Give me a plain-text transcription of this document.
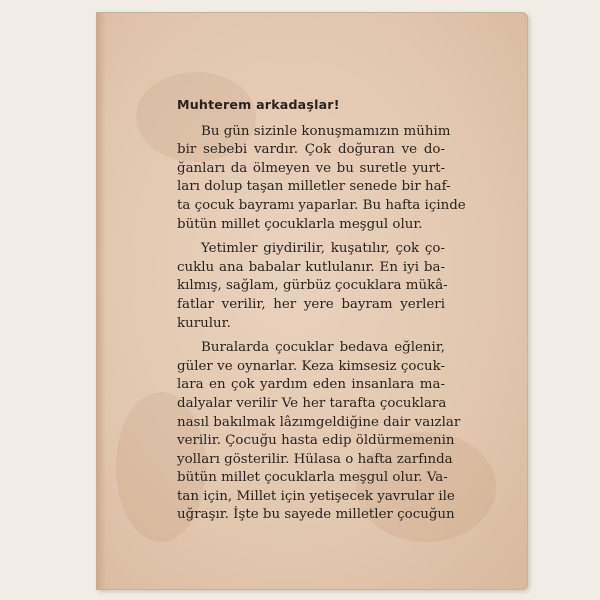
Muhterem arkadaşlar!
Bu gün sizinle konuşmamızın mühim
bir sebebi vardır. Çok doğuran ve do-
ğanları da ölmeyen ve bu suretle yurt-
ları dolup taşan milletler senede bir haf-
ta çocuk bayramı yaparlar. Bu hafta içinde
bütün millet çocuklarla meşgul olur.
Yetimler giydirilir, kuşatılır, çok ço-
cuklu ana babalar kutlulanır. En iyi ba-
kılmış, sağlam, gürbüz çocuklara mükâ-
fatlar verilir, her yere bayram yerleri
kurulur.
Buralarda çocuklar bedava eğlenir,
güler ve oynarlar. Keza kimsesiz çocuk-
lara en çok yardım eden insanlara ma-
dalyalar verilir Ve her tarafta çocuklara
nasıl bakılmak lâzımgeldiğine dair vaızlar
verilir. Çocuğu hasta edip öldürmemenin
yolları gösterilir. Hülasa o hafta zarfında
bütün millet çocuklarla meşgul olur. Va-
tan için, Millet için yetişecek yavrular ile
uğraşır. İşte bu sayede milletler çocuğun
